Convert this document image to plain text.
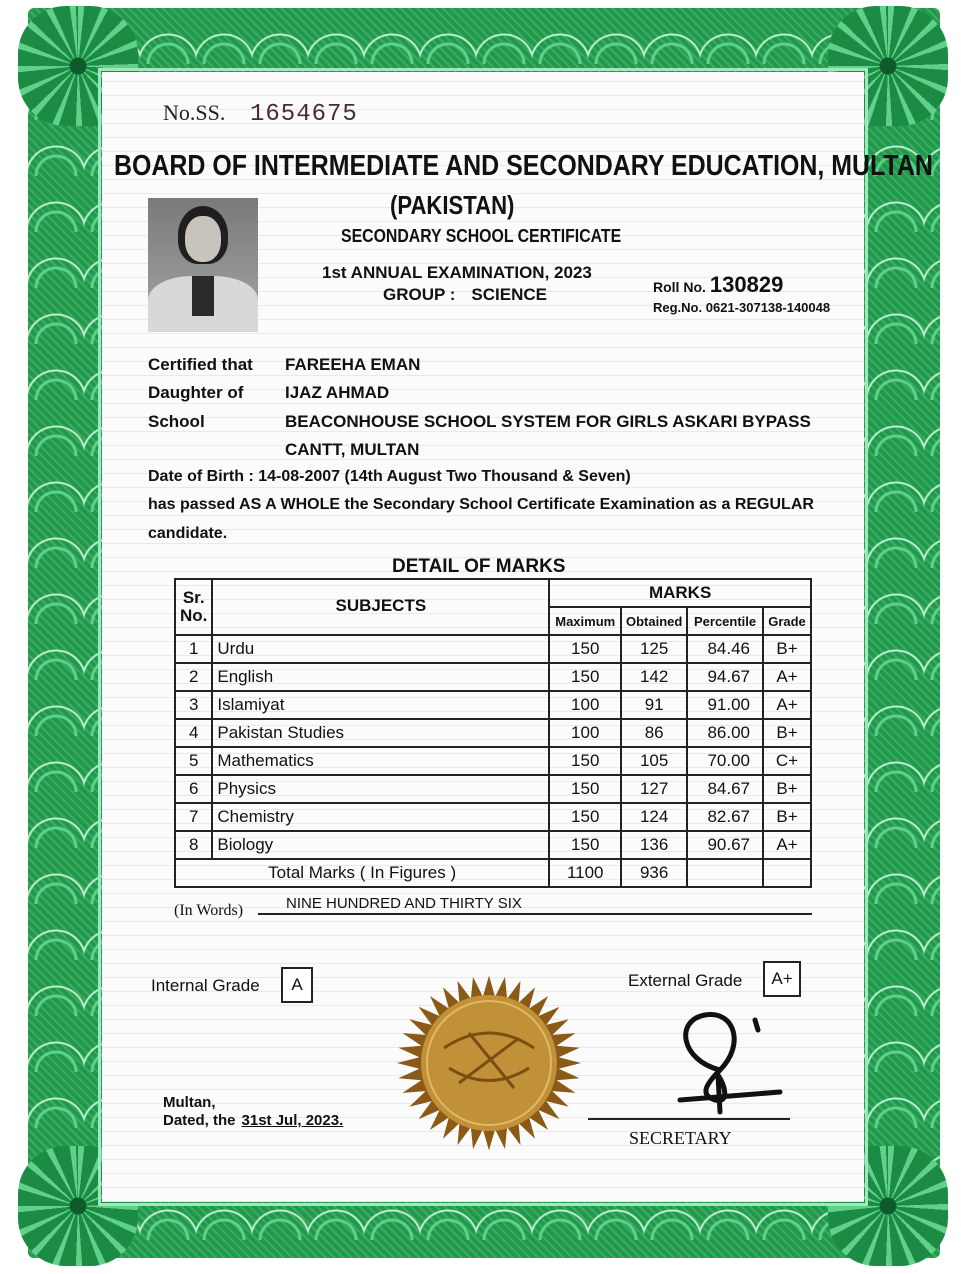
No.SS. 1654675
BOARD OF INTERMEDIATE AND SECONDARY EDUCATION, MULTAN
(PAKISTAN)
SECONDARY SCHOOL CERTIFICATE
1st ANNUAL EXAMINATION, 2023
GROUP : SCIENCE	Roll No. 130829
Reg.No. 0621-307138-140048
Certified that FAREEHA EMAN
Daughter of IJAZ AHMAD
School	BEACONHOUSE SCHOOL SYSTEM FOR GIRLS ASKARI BYPASS
CANTT, MULTAN
Date of Birth : 14-08-2007 (14th August Two Thousand & Seven)
has passed AS A WHOLE the Secondary School Certificate Examination as a REGULAR
candidate.
DETAIL OF MARKS
Sr.
No.	SUBJECTS	MARKS			
		Maximum	Obtained	Percentile	Grade
1	Urdu	150	125	84.46	B+
2	English	150	142	94.67	A+
3	Islamiyat	100	91	91.00	A+
4	Pakistan Studies	100	86	86.00	B+
5	Mathematics	150	105	70.00	C+
6	Physics	150	127	84.67	B+
7	Chemistry	150	124	82.67	B+
8	Biology	150	136	90.67	A+
Total Marks ( In Figures )		1100	936		
(In Words)	NINE HUNDRED AND THIRTY SIX
Internal Grade	A	External Grade	A+
Multan,
Dated, the 31st Jul, 2023.
SECRETARY
